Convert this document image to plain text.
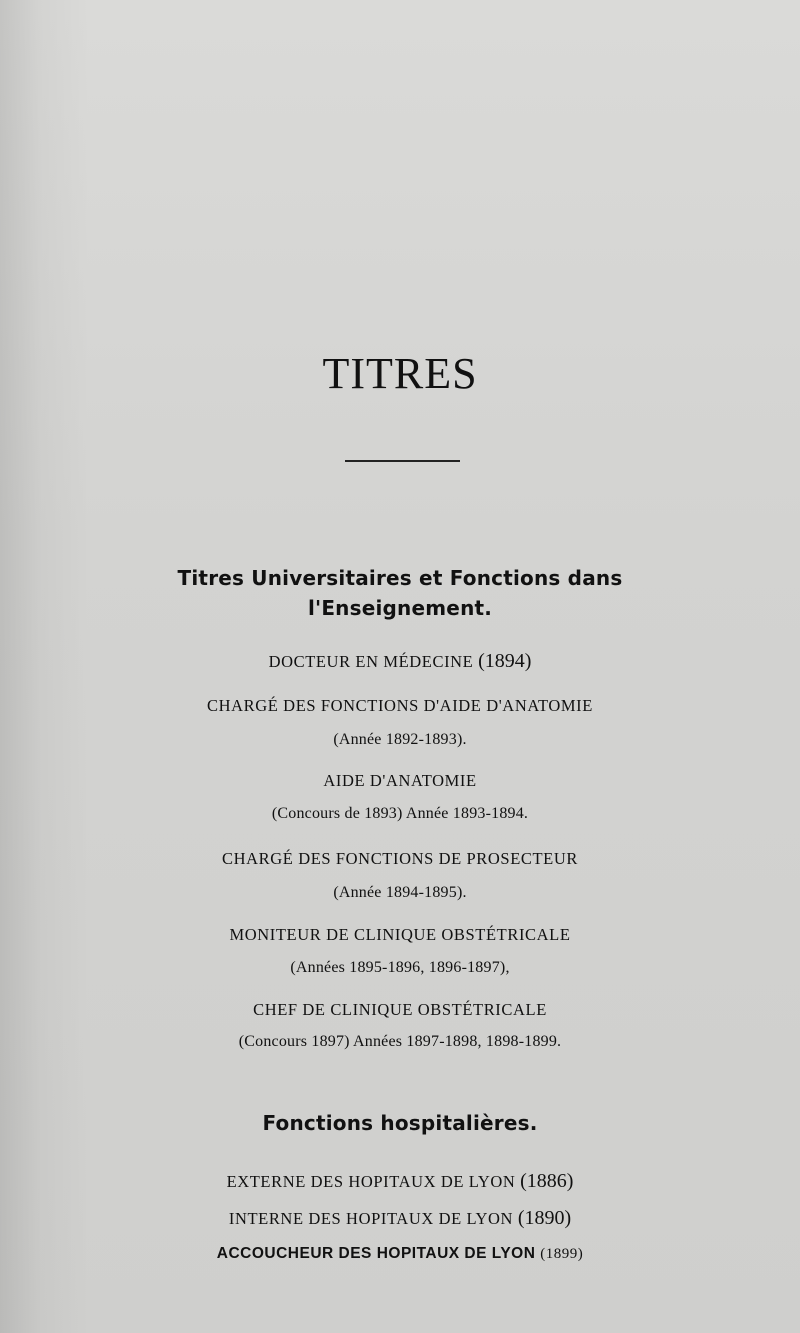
TITRES
Titres Universitaires et Fonctions dans
l'Enseignement.
DOCTEUR EN MÉDECINE (1894)
CHARGÉ DES FONCTIONS D'AIDE D'ANATOMIE
(Année 1892-1893).
AIDE D'ANATOMIE
(Concours de 1893) Année 1893-1894.
CHARGÉ DES FONCTIONS DE PROSECTEUR
(Année 1894-1895).
MONITEUR DE CLINIQUE OBSTÉTRICALE
(Années 1895-1896, 1896-1897),
CHEF DE CLINIQUE OBSTÉTRICALE
(Concours 1897) Années 1897-1898, 1898-1899.
Fonctions hospitalières.
EXTERNE DES HOPITAUX DE LYON (1886)
INTERNE DES HOPITAUX DE LYON (1890)
ACCOUCHEUR DES HOPITAUX DE LYON (1899)
